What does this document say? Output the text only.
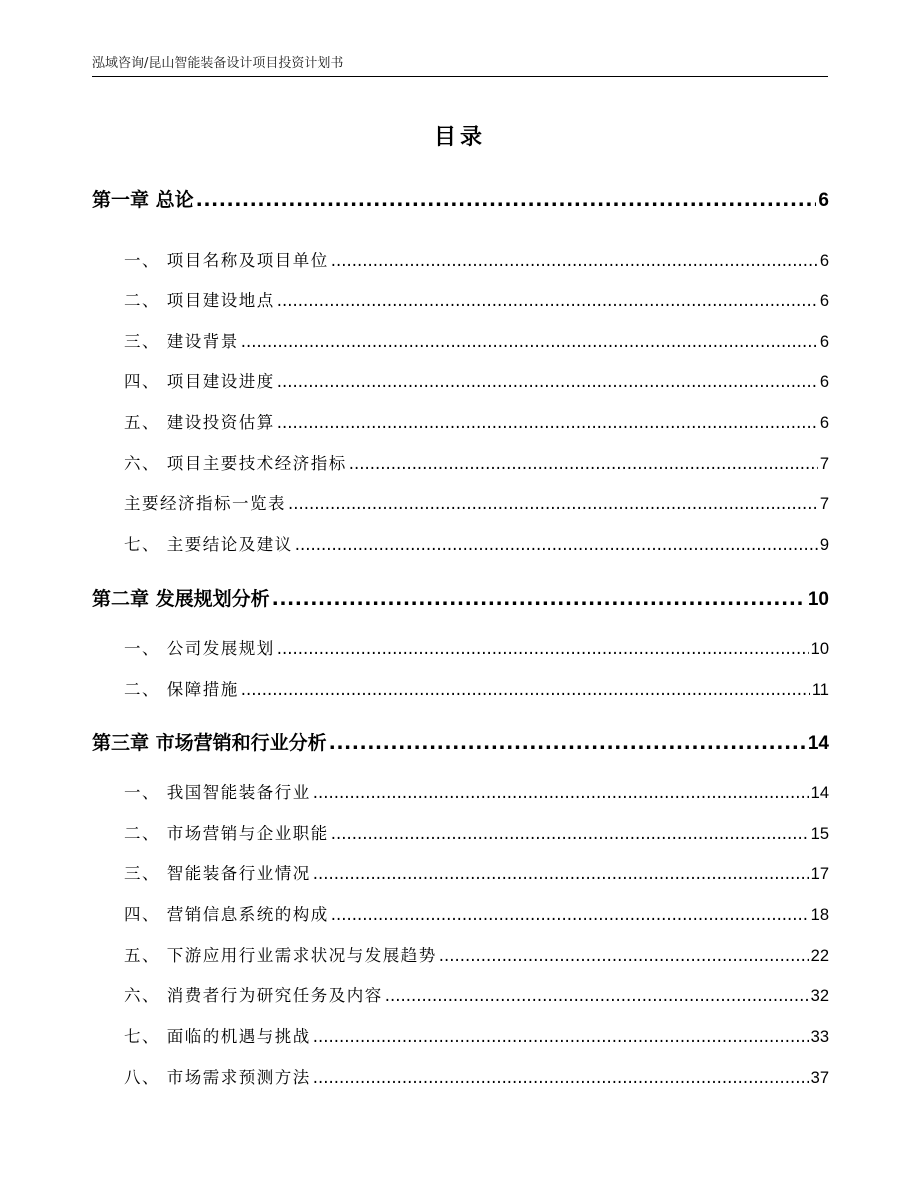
泓域咨询/昆山智能装备设计项目投资计划书
目录
第一章 总论 .....	6
一、 项目名称及项目单位 .....	6
二、 项目建设地点 .....	6
三、 建设背景 .....	6
四、 项目建设进度 .....	6
五、 建设投资估算 .....	6
六、 项目主要技术经济指标 .....	7
主要经济指标一览表 .....	7
七、 主要结论及建议 .....	9
第二章 发展规划分析 .....	10
一、 公司发展规划 .....	10
二、 保障措施 .....	11
第三章 市场营销和行业分析 .....	14
一、 我国智能装备行业 .....	14
二、 市场营销与企业职能 .....	15
三、 智能装备行业情况 .....	17
四、 营销信息系统的构成 .....	18
五、 下游应用行业需求状况与发展趋势 .....	22
六、 消费者行为研究任务及内容 .....	32
七、 面临的机遇与挑战 .....	33
八、 市场需求预测方法 .....	37
